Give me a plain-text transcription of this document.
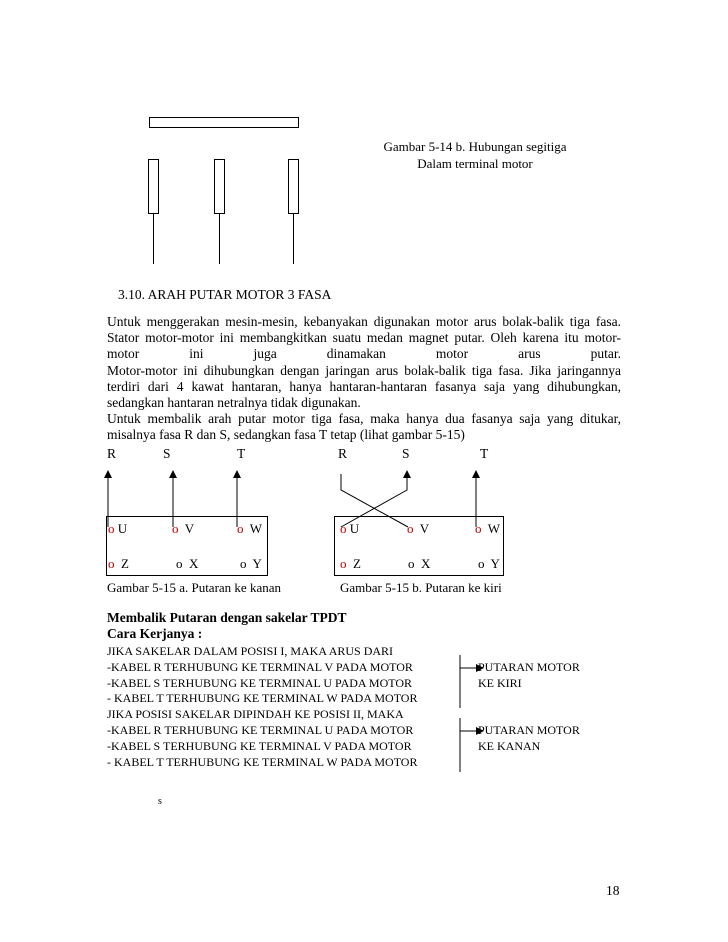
Gambar 5-14 b. Hubungan segitiga
Dalam terminal motor
3.10. ARAH PUTAR MOTOR 3 FASA

Untuk menggerakan mesin-mesin, kebanyakan digunakan motor arus bolak-balik tiga fasa. Stator motor-motor ini membangkitkan suatu medan magnet putar. Oleh karena itu motor-motor ini juga dinamakan motor arus putar.

Motor-motor ini dihubungkan dengan jaringan arus bolak-balik tiga fasa. Jika jaringannya terdiri dari 4 kawat hantaran, hanya hantaran-hantaran fasanya saja yang dihubungkan, sedangkan hantaran netralnya tidak digunakan.

Untuk membalik arah putar motor tiga fasa, maka hanya dua fasanya saja yang ditukar, misalnya fasa R dan S, sedangkan fasa T tetap (lihat gambar 5-15)

R	S	T
o U	o V	o W
o Z	o X	o Y
Gambar 5-15 a. Putaran ke kanan
R	S	T
o U	o V	o W
o Z	o X	o Y
Gambar 5-15 b. Putaran ke kiri
Membalik Putaran dengan sakelar TPDT
Cara Kerjanya :
JIKA SAKELAR DALAM POSISI I, MAKA ARUS DARI
-KABEL R TERHUBUNG KE TERMINAL V PADA MOTOR
-KABEL S TERHUBUNG KE TERMINAL U PADA MOTOR
- KABEL T TERHUBUNG KE TERMINAL W PADA MOTOR
JIKA POSISI SAKELAR DIPINDAH KE POSISI II, MAKA
-KABEL R TERHUBUNG KE TERMINAL U PADA MOTOR
-KABEL S TERHUBUNG KE TERMINAL V PADA MOTOR
- KABEL T TERHUBUNG KE TERMINAL W PADA MOTOR
PUTARAN MOTOR
KE KIRI
PUTARAN MOTOR
KE KANAN
s
18
